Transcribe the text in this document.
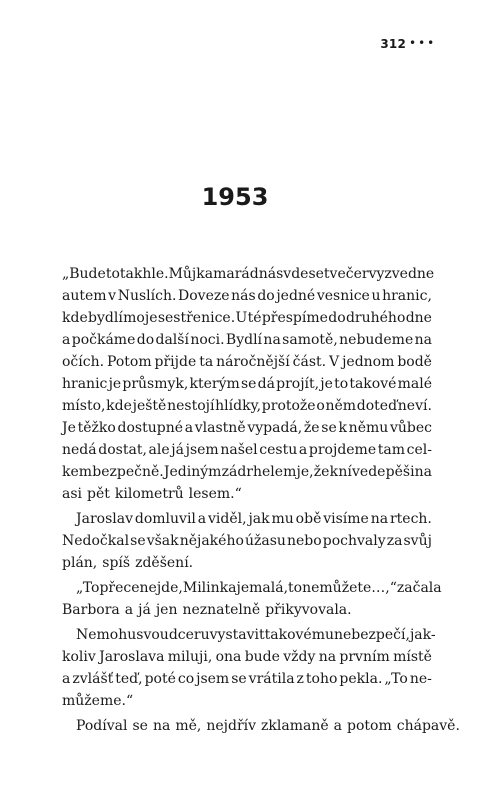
312 •••
1953
„Bude to takhle. Můj kamarád nás v deset večer vyzvedne
autem v Nuslích. Doveze nás do jedné vesnice u hranic,
kde bydlí moje sestřenice. U té přespíme do druhého dne
a počkáme do další noci. Bydlí na samotě, nebudeme na
očích. Potom přijde ta náročnější část. V jednom bodě
hranic je průsmyk, kterým se dá projít, je to takové malé
místo, kde ještě nestojí hlídky, protože o něm doteď neví.
Je těžko dostupné a vlastně vypadá, že se k němu vůbec
nedá dostat, ale já jsem našel cestu a projdeme tam cel-
kem bezpečně. Jediným zádrhelem je, že k ní vede pěšina
asi pět kilometrů lesem.“
Jaroslav domluvil a viděl, jak mu obě visíme na rtech.
Nedočkal se však nějakého úžasu nebo pochvaly za svůj
plán, spíš zděšení.
„To přece nejde, Milinka je malá, to nemůžete…,“ začala
Barbora a já jen neznatelně přikyvovala.
Nemohu svou dceru vystavit takovému nebezpečí, jak-
koliv Jaroslava miluji, ona bude vždy na prvním místě
a zvlášť teď, poté co jsem se vrátila z toho pekla. „To ne-
můžeme.“
Podíval se na mě, nejdřív zklamaně a potom chápavě.
